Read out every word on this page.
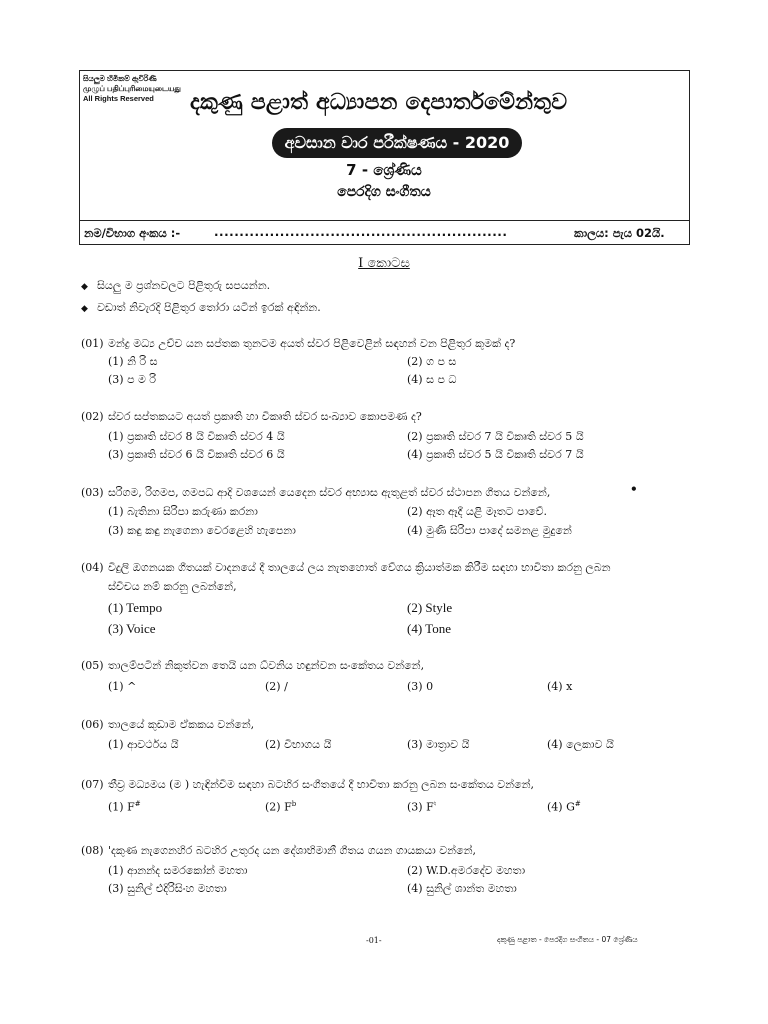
සියලුම හිමිකම් ඇවිරිණි
முழுப் பதிப்புரிமையுடையது
All Rights Reserved	දකුණු පළාත් අධ්‍යාපන දෙපාර්තමේන්තුව
අවසාන වාර පරීක්ෂණය - 2020
7 - ශ්‍රේණිය
පෙරදිග සංගීතය
නම/විභාග අංකය :-	..........................................................	කාලය: පැය 02යි.
I කොටස
◆ සියලු ම ප්‍රශ්නවලට පිළිතුරු සපයන්න.
◆ වඩාත් නිවැරදි පිළිතුර තෝරා යටින් ඉරක් අඳින්න.
(01) මන්ද්‍ර මධ්‍ය උච්ච යන සප්තක තුනටම අයත් ස්වර පිළිවෙළින් සඳහන් වන පිළිතුර කුමක් ද?
(1) නි රි ස	(2) ග ප ස
(3) ප ම රි	(4) ස ප ධ
(02) ස්වර සප්තකයට අයත් ප්‍රකෘති හා විකෘති ස්වර සංඛ්‍යාව කොපමණ ද?
(1) ප්‍රකෘති ස්වර 8 යි විකෘති ස්වර 4 යි	(2) ප්‍රකෘති ස්වර 7 යි විකෘති ස්වර 5 යි
(3) ප්‍රකෘති ස්වර 6 යි විකෘති ස්වර 6 යි	(4) ප්‍රකෘති ස්වර 5 යි විකෘති ස්වර 7 යි
(03) සරිගම, රිගමප, ගමපධ ආදි වශයෙන් යෙදෙන ස්වර අභ්‍යාස ඇතුළත් ස්වර ස්ථාපන ගීතය වන්නේ,	•
(1) බැතිනා සිරිපා කරුණා කරනා	(2) ඈත ඈදී යළි මෑතට පාවේ.
(3) කඳු කඳු නැගෙනා වෙරළෙහි හැපෙනා	(4) මුණි සිරිපා පාදේ සමනළ මුදුනේ
(04) විදුලි ඔගනයක ගීතයක් වාදනයේ දී තාලයේ ලය නැතහොත් වේගය ක්‍රියාත්මක කිරීම සඳහා භාවිතා කරනු ලබන
ස්විචය නම් කරනු ලබන්නේ,
(1) Tempo	(2) Style
(3) Voice	(4) Tone
(05) තාලම්පටින් නිකුත්වන තෙයි යන ධ්වනිය හඳුන්වන සංකේතය වන්නේ,
(1) ^	(2) /	(3) 0	(4) x
(06) තාලයේ කුඩාම ඒකකය වන්නේ,
(1) ආවර්ථය යි	(2) විභාගය යි	(3) මාත්‍රාව යි	(4) ලෙකාව යි
(07) තීව්‍ර මධ්‍යමය (ම ) හැඳින්වීම සඳහා බටහිර සංගීතයේ දී භාවිතා කරනු ලබන සංකේතය වන්නේ,
(1) F#	(2) $F^b$	(3) F♮	(4) G#
(08) 'දකුණ නැගෙනහිර බටහිර උතුරද යන දේශාභිමානී ගීතය ගයන ගායකයා වන්නේ,
(1) ආනන්ද සමරකෝන් මහතා	(2) W.D.අමරදේව මහතා
(3) සුනිල් එදිරිසිංහ මහතා	(4) සුනිල් ශාන්ත මහතා
-01-	දකුණු පළාත - පෙරදිග සංගීතය - 07 ශ්‍රේණිය
